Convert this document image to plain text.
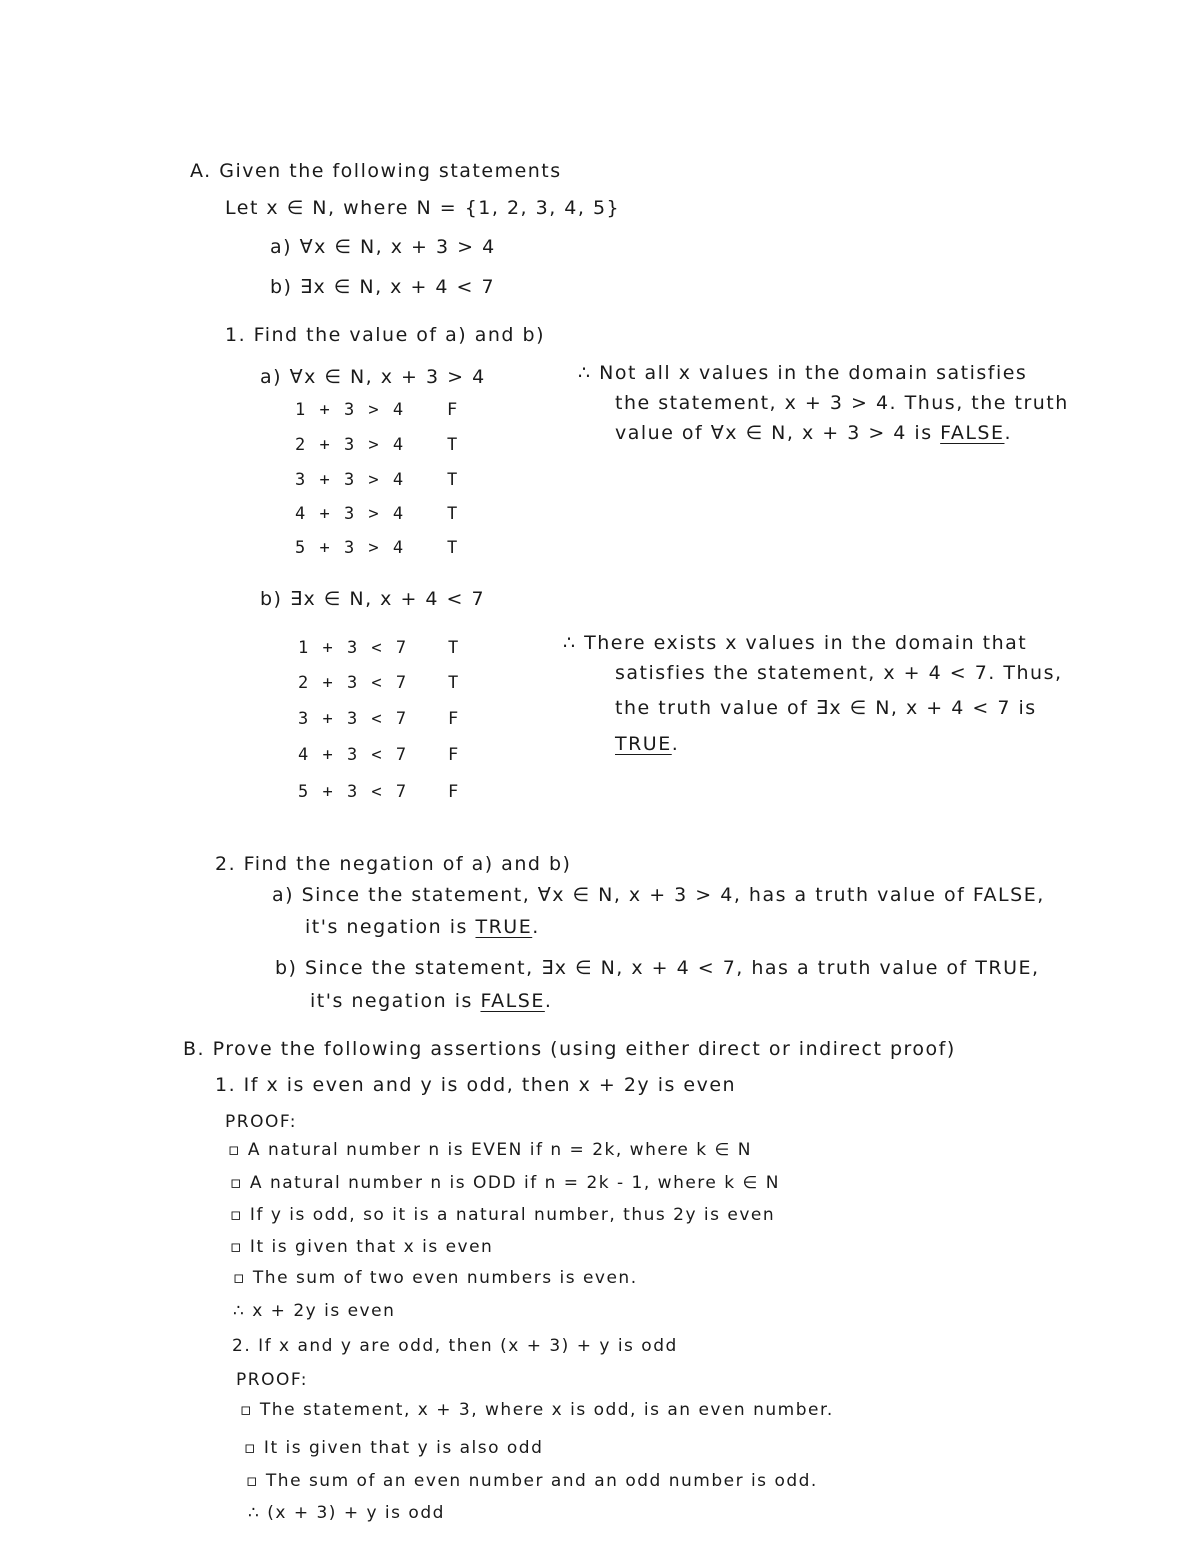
A. Given the following statements
Let x ∈ N, where N = {1, 2, 3, 4, 5}
a) ∀x ∈ N, x + 3 > 4
b) ∃x ∈ N, x + 4 < 7
1. Find the value of a) and b)
a) ∀x ∈ N, x + 3 > 4
1 + 3 > 4 F
2 + 3 > 4 T
3 + 3 > 4 T
4 + 3 > 4 T
5 + 3 > 4 T
∴ Not all x values in the domain satisfies
the statement, x + 3 > 4. Thus, the truth
value of ∀x ∈ N, x + 3 > 4 is FALSE.
b) ∃x ∈ N, x + 4 < 7
1 + 3 < 7 T
2 + 3 < 7 T
3 + 3 < 7 F
4 + 3 < 7 F
5 + 3 < 7 F
∴ There exists x values in the domain that
satisfies the statement, x + 4 < 7. Thus,
the truth value of ∃x ∈ N, x + 4 < 7 is
TRUE.
2. Find the negation of a) and b)
a) Since the statement, ∀x ∈ N, x + 3 > 4, has a truth value of FALSE,
it's negation is TRUE.
b) Since the statement, ∃x ∈ N, x + 4 < 7, has a truth value of TRUE,
it's negation is FALSE.
B. Prove the following assertions (using either direct or indirect proof)
1. If x is even and y is odd, then x + 2y is even
PROOF:
▫ A natural number n is EVEN if n = 2k, where k ∈ N
▫ A natural number n is ODD if n = 2k - 1, where k ∈ N
▫ If y is odd, so it is a natural number, thus 2y is even
▫ It is given that x is even
▫ The sum of two even numbers is even.
∴ x + 2y is even
2. If x and y are odd, then (x + 3) + y is odd
PROOF:
▫ The statement, x + 3, where x is odd, is an even number.
▫ It is given that y is also odd
▫ The sum of an even number and an odd number is odd.
∴ (x + 3) + y is odd
